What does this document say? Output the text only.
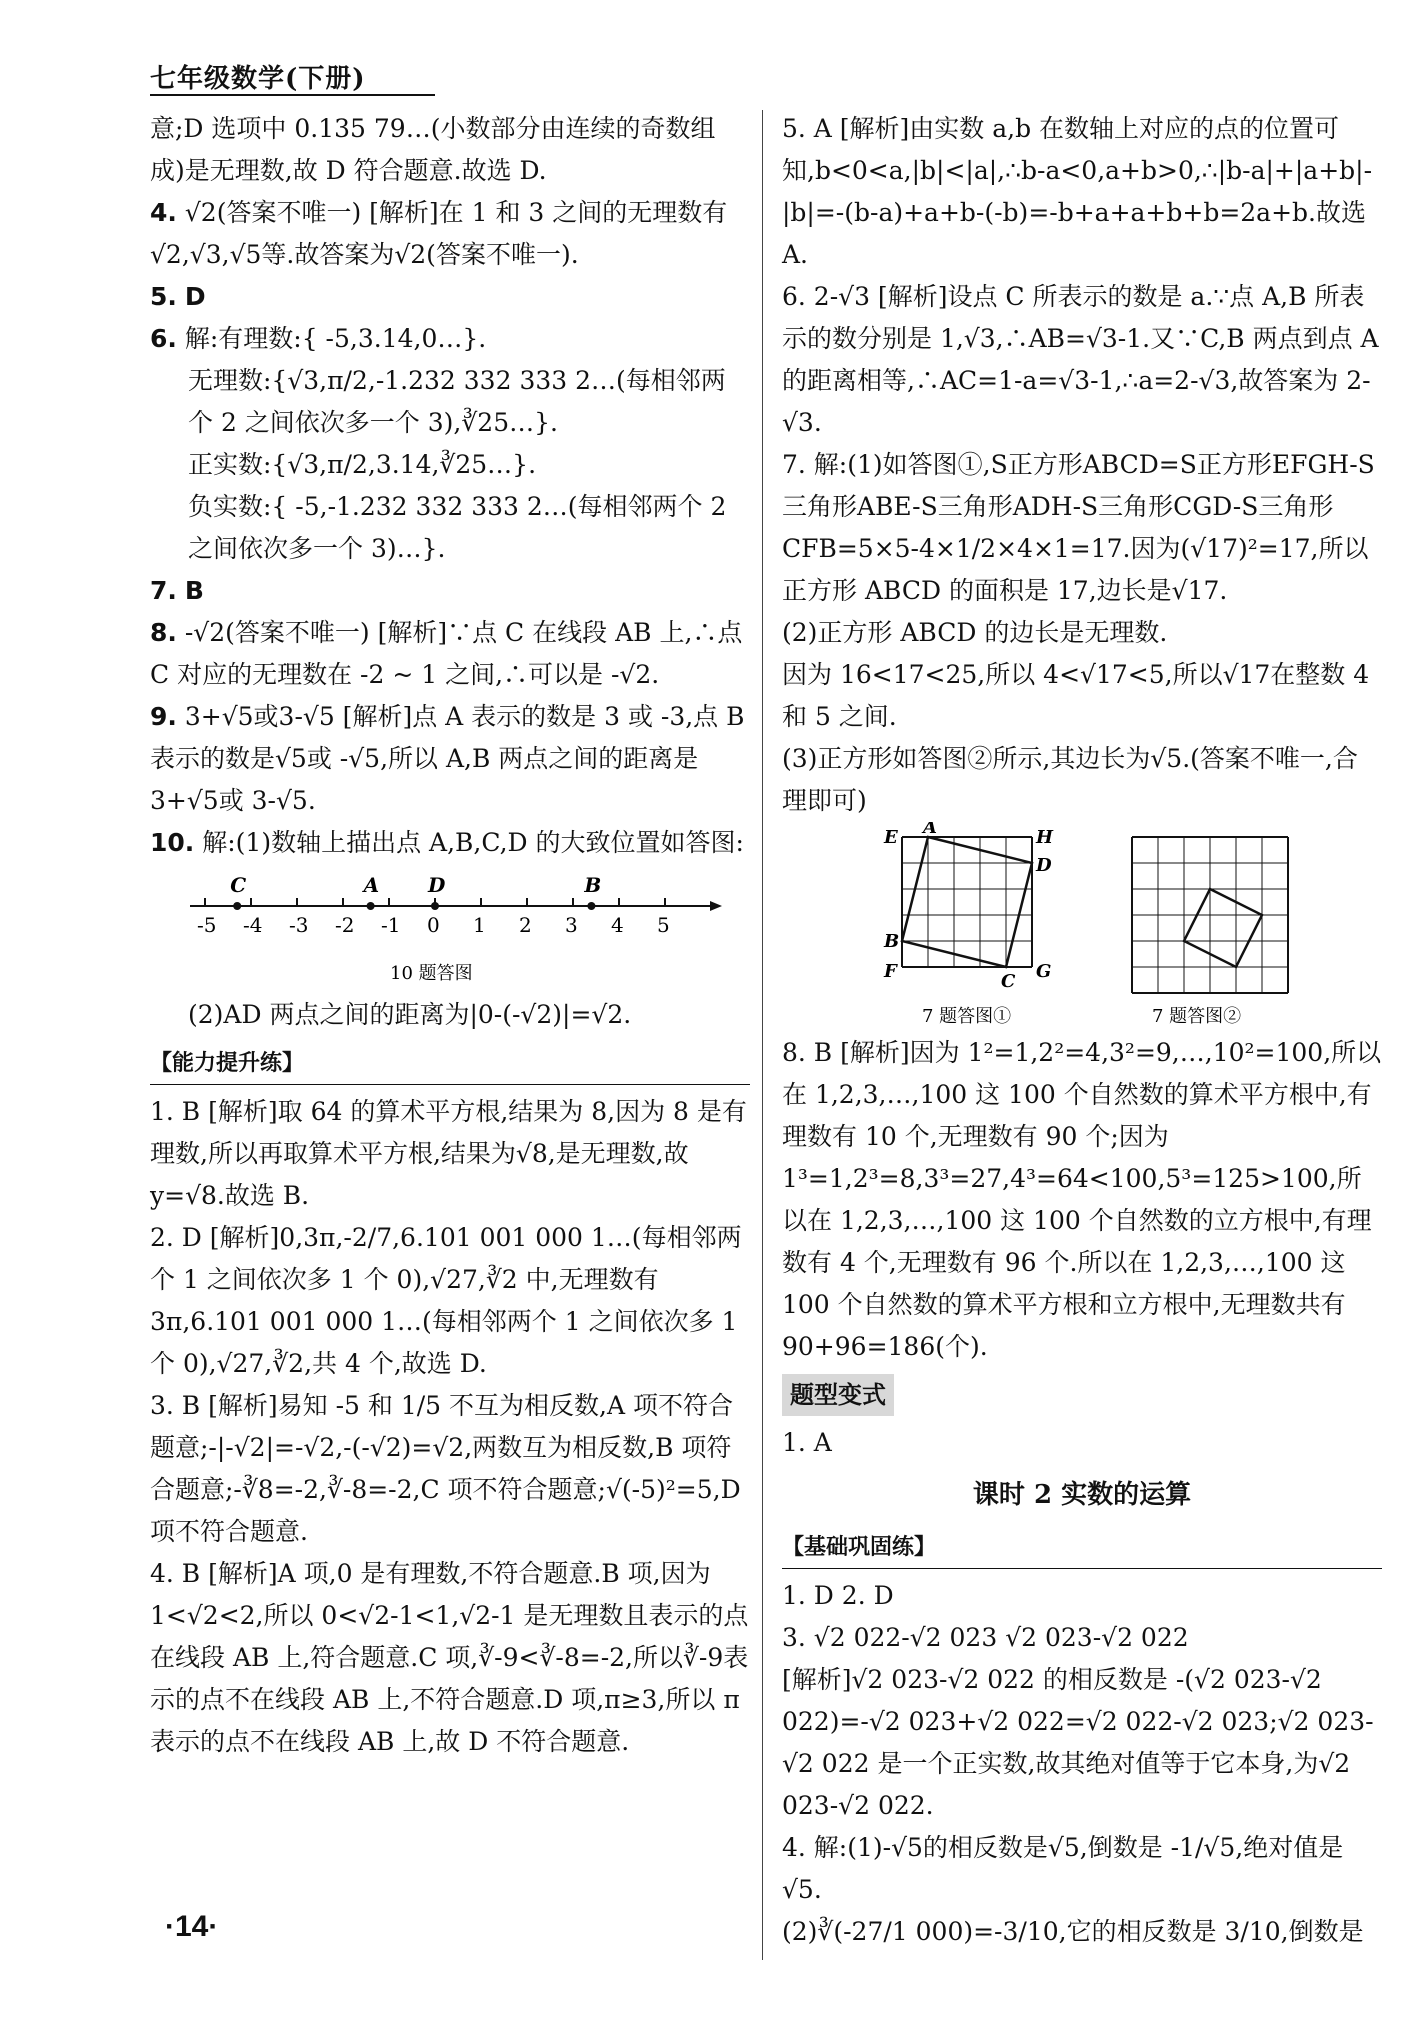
七年级数学(下册)

意;D 选项中 0.135 79…(小数部分由连续的奇数组成)是无理数,故 D 符合题意.故选 D.

4. √2(答案不唯一) [解析]在 1 和 3 之间的无理数有√2,√3,√5等.故答案为√2(答案不唯一).

5. D

6. 解:有理数:{ -5,3.14,0…}.

无理数:{√3,π/2,-1.232 332 333 2…(每相邻两个 2 之间依次多一个 3),∛25…}.

正实数:{√3,π/2,3.14,∛25…}.

负实数:{ -5,-1.232 332 333 2…(每相邻两个 2 之间依次多一个 3)…}.

7. B

8. -√2(答案不唯一) [解析]∵点 C 在线段 AB 上,∴点 C 对应的无理数在 -2 ~ 1 之间,∴可以是 -√2.

9. 3+√5或3-√5 [解析]点 A 表示的数是 3 或 -3,点 B 表示的数是√5或 -√5,所以 A,B 两点之间的距离是 3+√5或 3-√5.

10. 解:(1)数轴上描出点 A,B,C,D 的大致位置如答图:

-5 -4 -3 -2 -1 0 1 2 3 4 5
C	A D	B
10 题答图

(2)AD 两点之间的距离为|0-(-√2)|=√2.

【能力提升练】

1. B [解析]取 64 的算术平方根,结果为 8,因为 8 是有理数,所以再取算术平方根,结果为√8,是无理数,故 y=√8.故选 B.

2. D [解析]0,3π,-2/7,6.101 001 000 1…(每相邻两个 1 之间依次多 1 个 0),√27,∛2 中,无理数有 3π,6.101 001 000 1…(每相邻两个 1 之间依次多 1 个 0),√27,∛2,共 4 个,故选 D.

3. B [解析]易知 -5 和 1/5 不互为相反数,A 项不符合题意;-|-√2|=-√2,-(-√2)=√2,两数互为相反数,B 项符合题意;-∛8=-2,∛-8=-2,C 项不符合题意;√(-5)²=5,D 项不符合题意.

4. B [解析]A 项,0 是有理数,不符合题意.B 项,因为 1<√2<2,所以 0<√2-1<1,√2-1 是无理数且表示的点在线段 AB 上,符合题意.C 项,∛-9<∛-8=-2,所以∛-9表示的点不在线段 AB 上,不符合题意.D 项,π≥3,所以 π 表示的点不在线段 AB 上,故 D 不符合题意.

5. A [解析]由实数 a,b 在数轴上对应的点的位置可知,b<0<a,|b|<|a|,∴b-a<0,a+b>0,∴|b-a|+|a+b|-|b|=-(b-a)+a+b-(-b)=-b+a+a+b+b=2a+b.故选 A.

6. 2-√3 [解析]设点 C 所表示的数是 a.∵点 A,B 所表示的数分别是 1,√3,∴AB=√3-1.又∵C,B 两点到点 A 的距离相等,∴AC=1-a=√3-1,∴a=2-√3,故答案为 2-√3.

7. 解:(1)如答图①,S正方形ABCD=S正方形EFGH-S三角形ABE-S三角形ADH-S三角形CGD-S三角形CFB=5×5-4×1/2×4×1=17.因为(√17)²=17,所以正方形 ABCD 的面积是 17,边长是√17.

(2)正方形 ABCD 的边长是无理数.

因为 16<17<25,所以 4<√17<5,所以√17在整数 4 和 5 之间.

(3)正方形如答图②所示,其边长为√5.(答案不唯一,合理即可)

E A	H
D
B
F	C G
7 题答图①	7 题答图②

8. B [解析]因为 1²=1,2²=4,3²=9,…,10²=100,所以在 1,2,3,…,100 这 100 个自然数的算术平方根中,有理数有 10 个,无理数有 90 个;因为 1³=1,2³=8,3³=27,4³=64<100,5³=125>100,所以在 1,2,3,…,100 这 100 个自然数的立方根中,有理数有 4 个,无理数有 96 个.所以在 1,2,3,…,100 这 100 个自然数的算术平方根和立方根中,无理数共有 90+96=186(个).

题型变式

1. A

课时 2 实数的运算
【基础巩固练】

1. D 2. D

3. √2 022-√2 023 √2 023-√2 022

[解析]√2 023-√2 022 的相反数是 -(√2 023-√2 022)=-√2 023+√2 022=√2 022-√2 023;√2 023-√2 022 是一个正实数,故其绝对值等于它本身,为√2 023-√2 022.

4. 解:(1)-√5的相反数是√5,倒数是 -1/√5,绝对值是√5.

(2)∛(-27/1 000)=-3/10,它的相反数是 3/10,倒数是

·14·
